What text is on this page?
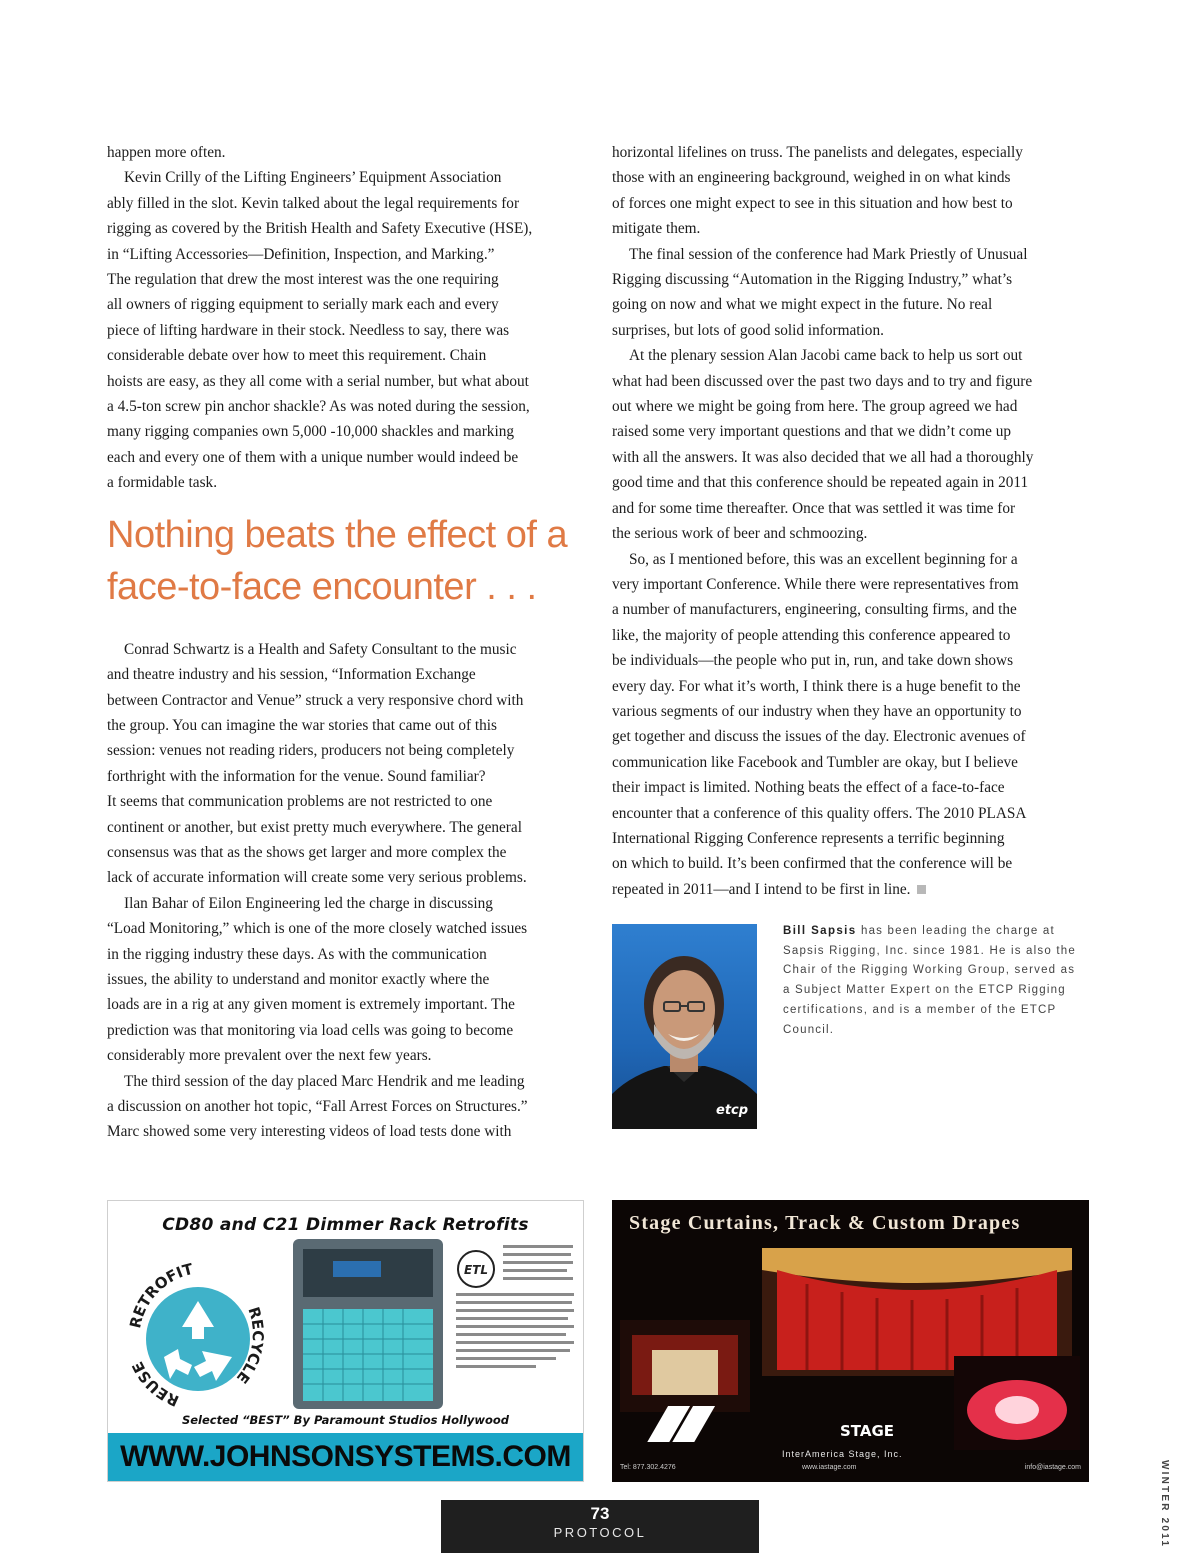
happen more often.

Kevin Crilly of the Lifting Engineers’ Equipment Association

ably filled in the slot. Kevin talked about the legal requirements for

rigging as covered by the British Health and Safety Executive (HSE),

in “Lifting Accessories—Definition, Inspection, and Marking.”

The regulation that drew the most interest was the one requiring

all owners of rigging equipment to serially mark each and every

piece of lifting hardware in their stock. Needless to say, there was

considerable debate over how to meet this requirement. Chain

hoists are easy, as they all come with a serial number, but what about

a 4.5-ton screw pin anchor shackle? As was noted during the session,

many rigging companies own 5,000 -10,000 shackles and marking

each and every one of them with a unique number would indeed be

a formidable task.

Nothing beats the effect of a
face-to-face encounter . . .

Conrad Schwartz is a Health and Safety Consultant to the music

and theatre industry and his session, “Information Exchange

between Contractor and Venue” struck a very responsive chord with

the group. You can imagine the war stories that came out of this

session: venues not reading riders, producers not being completely

forthright with the information for the venue. Sound familiar?

It seems that communication problems are not restricted to one

continent or another, but exist pretty much everywhere. The general

consensus was that as the shows get larger and more complex the

lack of accurate information will create some very serious problems.

Ilan Bahar of Eilon Engineering led the charge in discussing

“Load Monitoring,” which is one of the more closely watched issues

in the rigging industry these days. As with the communication

issues, the ability to understand and monitor exactly where the

loads are in a rig at any given moment is extremely important. The

prediction was that monitoring via load cells was going to become

considerably more prevalent over the next few years.

The third session of the day placed Marc Hendrik and me leading

a discussion on another hot topic, “Fall Arrest Forces on Structures.”

Marc showed some very interesting videos of load tests done with

horizontal lifelines on truss. The panelists and delegates, especially

those with an engineering background, weighed in on what kinds

of forces one might expect to see in this situation and how best to

mitigate them.

The final session of the conference had Mark Priestly of Unusual

Rigging discussing “Automation in the Rigging Industry,” what’s

going on now and what we might expect in the future. No real

surprises, but lots of good solid information.

At the plenary session Alan Jacobi came back to help us sort out

what had been discussed over the past two days and to try and figure

out where we might be going from here. The group agreed we had

raised some very important questions and that we didn’t come up

with all the answers. It was also decided that we all had a thoroughly

good time and that this conference should be repeated again in 2011

and for some time thereafter. Once that was settled it was time for

the serious work of beer and schmoozing.

So, as I mentioned before, this was an excellent beginning for a

very important Conference. While there were representatives from

a number of manufacturers, engineering, consulting firms, and the

like, the majority of people attending this conference appeared to

be individuals—the people who put in, run, and take down shows

every day. For what it’s worth, I think there is a huge benefit to the

various segments of our industry when they have an opportunity to

get together and discuss the issues of the day. Electronic avenues of

communication like Facebook and Tumbler are okay, but I believe

their impact is limited. Nothing beats the effect of a face-to-face

encounter that a conference of this quality offers. The 2010 PLASA

International Rigging Conference represents a terrific beginning

on which to build. It’s been confirmed that the conference will be

repeated in 2011—and I intend to be first in line.

etcp
Bill Sapsis has been leading the charge at
Sapsis Rigging, Inc. since 1981. He is also the
Chair of the Rigging Working Group, served as
a Subject Matter Expert on the ETCP Rigging
certifications, and is a member of the ETCP
Council.
CD80 and C21 Dimmer Rack Retrofits
RETROFIT
RECYCLE
REUSE
ETL
Selected “BEST” By Paramount Studios Hollywood
WWW.JOHNSONSYSTEMS.COM
Stage Curtains, Track & Custom Drapes
STAGE
InterAmerica Stage, Inc.
Tel: 877.302.4276	www.iastage.com	info@iastage.com
73
PROTOCOL	WINTER 2011
